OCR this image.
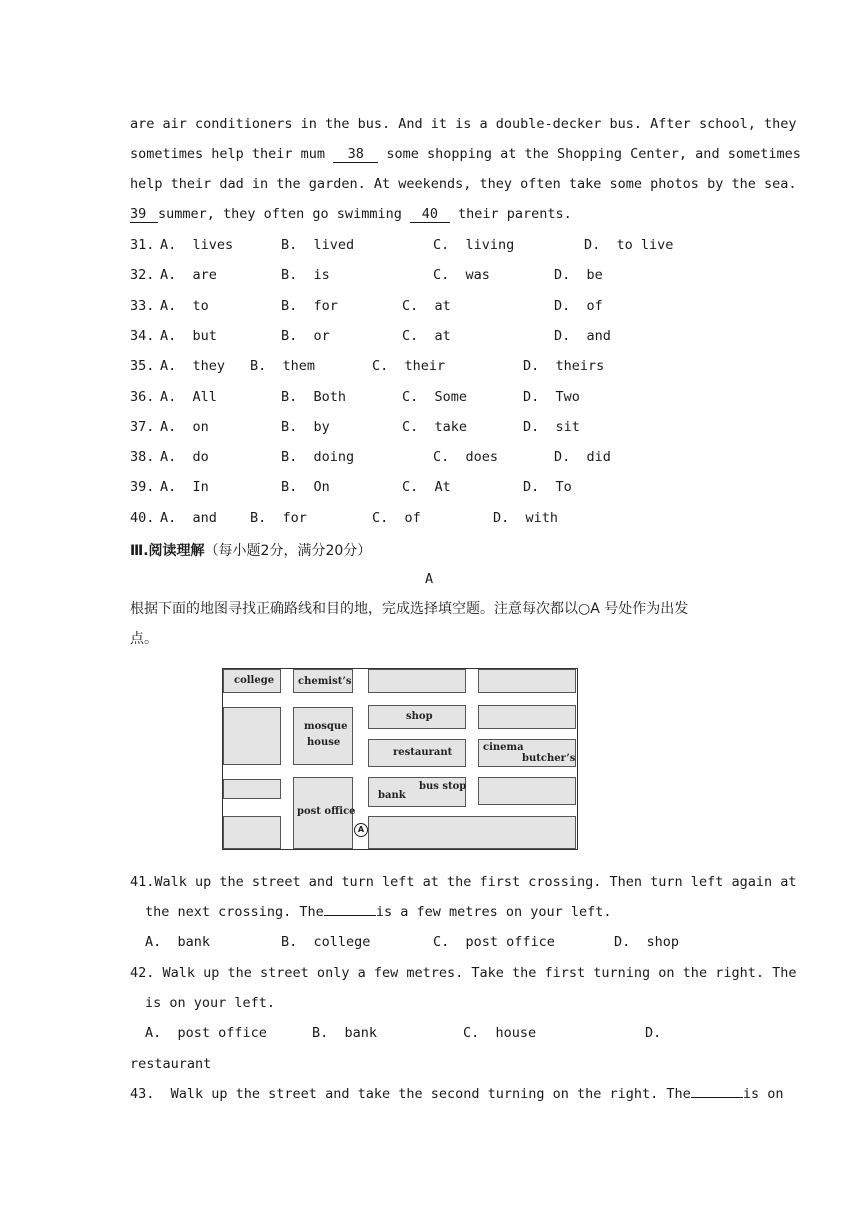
are air conditioners in the bus. And it is a double-decker bus. After school, they
sometimes help their mum 38 some shopping at the Shopping Center, and sometimes
help their dad in the garden. At weekends, they often take some photos by the sea.
39 summer, they often go swimming 40 their parents.
31. A.  lives	B.  lived	C.  living	D.  to live
32. A.  are	B.  is	C.  was	D.  be
33. A.  to	B.  for	C.  at	D.  of
34. A.  but	B.  or	C.  at	D.  and
35. A.  they B.  them	C.  their	D.  theirs
36. A.  All	B.  Both	C.  Some	D.  Two
37. A.  on	B.  by	C.  take	D.  sit
38. A.  do	B.  doing	C.  does	D.  did
39. A.  In	B.  On	C.  At	D.  To
40. A.  and B.  for	C.  of	D.  with
Ⅲ.阅读理解（每小题2分，满分20分）
A
根据下面的地图寻找正确路线和目的地，完成选择填空题。注意每次都以○A 号处作为出发
点。
college chemist’s
mosque
house
post office
shop
restaurant
bank
bus stop
cinema
butcher’s
A
41.Walk up the street and turn left at the first crossing. Then turn left again at
the next crossing. The	is a few metres on your left.
A.  bank	B.  college	C.  post office	D.  shop
42. Walk up the street only a few metres. Take the first turning on the right. The
is on your left.
A.  post office	B.  bank	C.  house	D.
restaurant
43.  Walk up the street and take the second turning on the right. The	is on
